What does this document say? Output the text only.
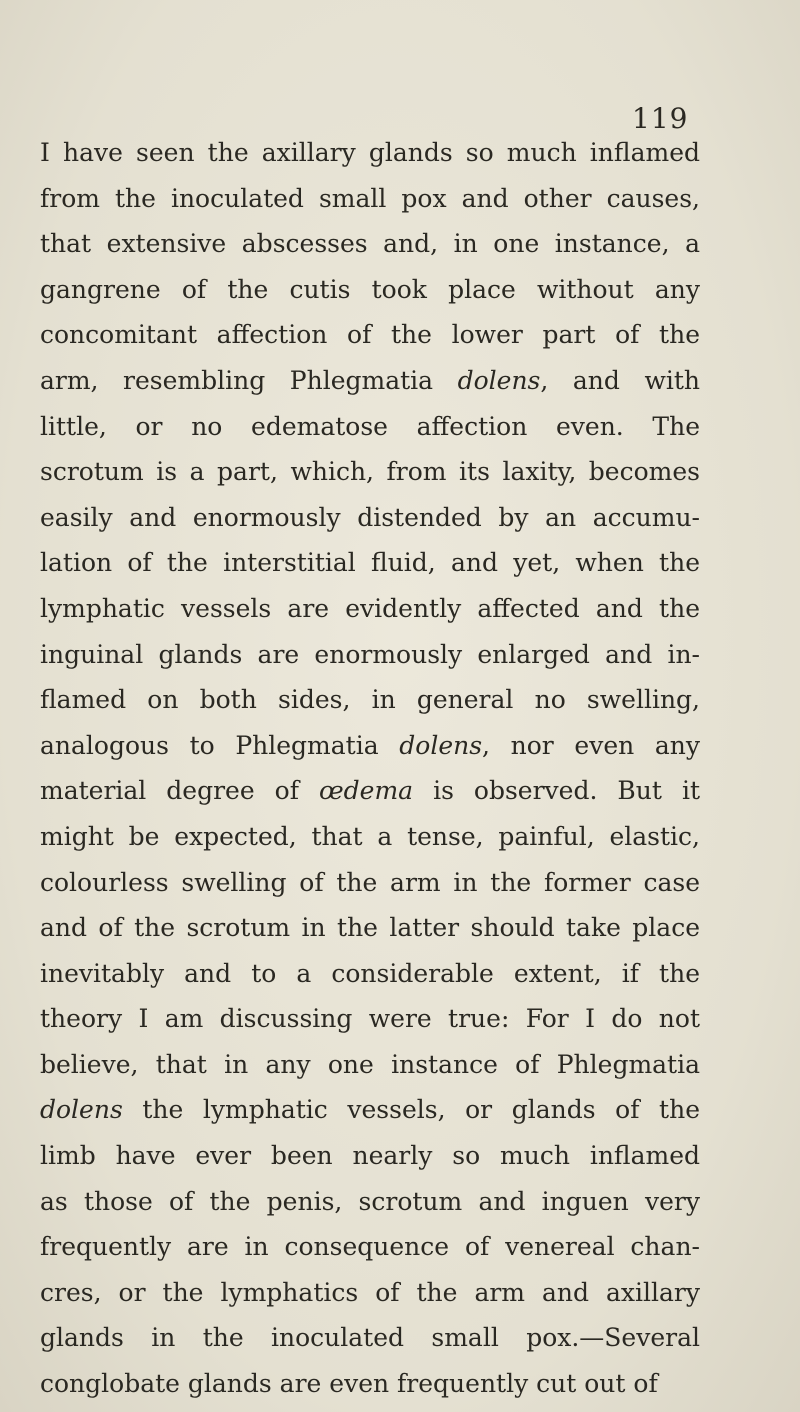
119
I have seen the axillary glands so much inflamed
from the inoculated small pox and other causes,
that extensive abscesses and, in one instance, a
gangrene of the cutis took place without any
concomitant affection of the lower part of the
arm, resembling Phlegmatia dolens, and with
little, or no edematose affection even. The
scrotum is a part, which, from its laxity, becomes
easily and enormously distended by an accumu-
lation of the interstitial fluid, and yet, when the
lymphatic vessels are evidently affected and the
inguinal glands are enormously enlarged and in-
flamed on both sides, in general no swelling,
analogous to Phlegmatia dolens, nor even any
material degree of œdema is observed. But it
might be expected, that a tense, painful, elastic,
colourless swelling of the arm in the former case
and of the scrotum in the latter should take place
inevitably and to a considerable extent, if the
theory I am discussing were true: For I do not
believe, that in any one instance of Phlegmatia
dolens the lymphatic vessels, or glands of the
limb have ever been nearly so much inflamed
as those of the penis, scrotum and inguen very
frequently are in consequence of venereal chan-
cres, or the lymphatics of the arm and axillary
glands in the inoculated small pox.—Several
conglobate glands are even frequently cut out of
